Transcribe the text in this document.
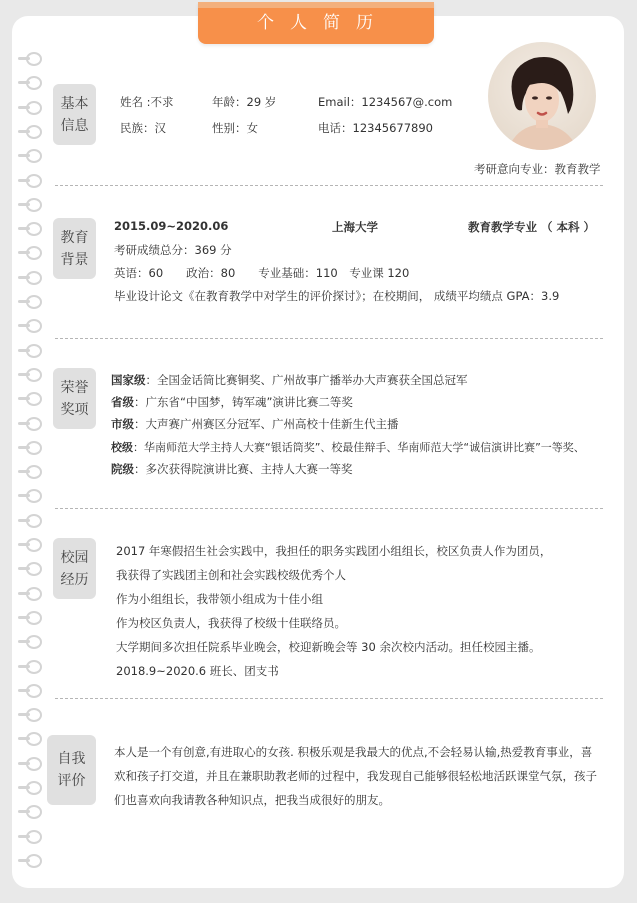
个人简历
基本
信息
姓名 :不求	年龄：29 岁	Email：1234567@.com
民族：汉	性别：女	电话：12345677890
考研意向专业：教育教学
教育
背景
2015.09~2020.06	上海大学	教育教学专业 （ 本科 ）
考研成绩总分：369 分
英语：60　　政治：80　　专业基础：110　专业课 120
毕业设计论文《在教育教学中对学生的评价探讨》；在校期间， 成绩平均绩点 GPA：3.9
荣誉
奖项
国家级：全国金话筒比赛铜奖、广州故事广播举办大声赛获全国总冠军
省级：广东省“中国梦，铸军魂”演讲比赛二等奖
市级：大声赛广州赛区分冠军、广州高校十佳新生代主播
校级：华南师范大学主持人大赛“银话筒奖”、校最佳辩手、华南师范大学“诚信演讲比赛”一等奖、
院级：多次获得院演讲比赛、主持人大赛一等奖
校园
经历
2017 年寒假招生社会实践中，我担任的职务实践团小组组长，校区负责人作为团员，
我获得了实践团主创和社会实践校级优秀个人
作为小组组长，我带领小组成为十佳小组
作为校区负责人，我获得了校级十佳联络员。
大学期间多次担任院系毕业晚会，校迎新晚会等 30 余次校内活动。担任校园主播。
2018.9~2020.6 班长、团支书
自我
评价
本人是一个有创意,有进取心的女孩. 积极乐观是我最大的优点,不会轻易认输,热爱教育事业，喜
欢和孩子打交道，并且在兼职助教老师的过程中，我发现自己能够很轻松地活跃课堂气氛，孩子
们也喜欢向我请教各种知识点，把我当成很好的朋友。
